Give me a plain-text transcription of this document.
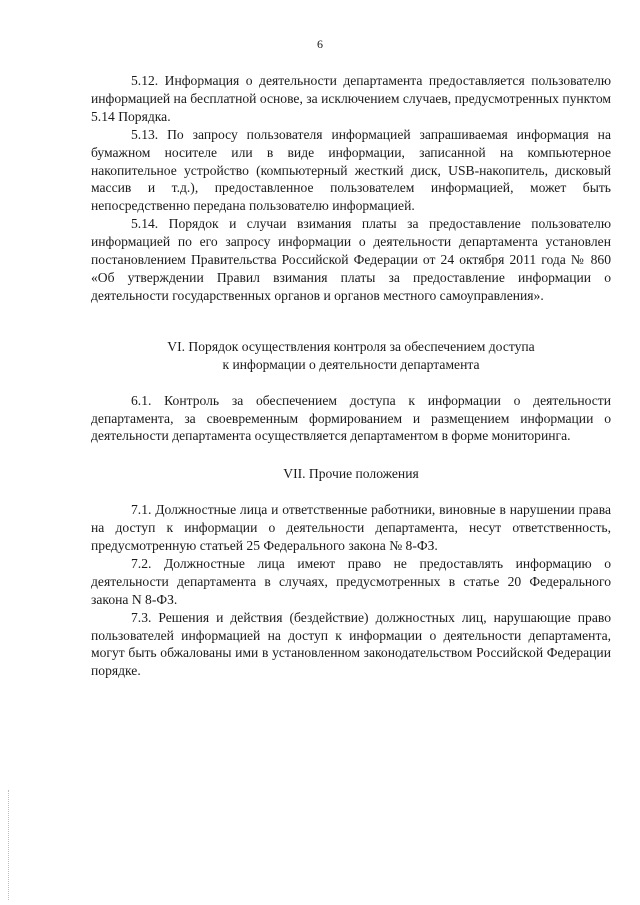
6

5.12. Информация о деятельности департамента предоставляется пользователю информацией на бесплатной основе, за исключением случаев, предусмотренных пунктом 5.14 Порядка.

5.13. По запросу пользователя информацией запрашиваемая информация на бумажном носителе или в виде информации, записанной на компьютерное накопительное устройство (компьютерный жесткий диск, USB-накопитель, дисковый массив и т.д.), предоставленное пользователем информацией, может быть непосредственно передана пользователю информацией.

5.14. Порядок и случаи взимания платы за предоставление пользователю информацией по его запросу информации о деятельности департамента установлен постановлением Правительства Российской Федерации от 24 октября 2011 года № 860 «Об утверждении Правил взимания платы за предоставление информации о деятельности государственных органов и органов местного самоуправления».

VI. Порядок осуществления контроля за обеспечением доступа

к информации о деятельности департамента

6.1. Контроль за обеспечением доступа к информации о деятельности департамента, за своевременным формированием и размещением информации о деятельности департамента осуществляется департаментом в форме мониторинга.

VII. Прочие положения

7.1. Должностные лица и ответственные работники, виновные в нарушении права на доступ к информации о деятельности департамента, несут ответственность, предусмотренную статьей 25 Федерального закона № 8-ФЗ.

7.2. Должностные лица имеют право не предоставлять информацию о деятельности департамента в случаях, предусмотренных в статье 20 Федерального закона N 8-ФЗ.

7.3. Решения и действия (бездействие) должностных лиц, нарушающие право пользователей информацией на доступ к информации о деятельности департамента, могут быть обжалованы ими в установленном законодательством Российской Федерации порядке.
